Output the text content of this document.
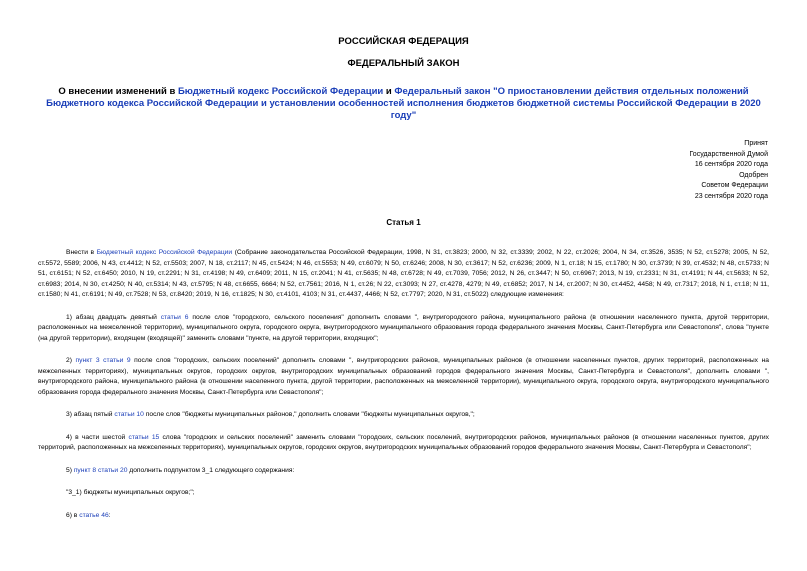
РОССИЙСКАЯ ФЕДЕРАЦИЯ
ФЕДЕРАЛЬНЫЙ ЗАКОН
О внесении изменений в Бюджетный кодекс Российской Федерации и Федеральный закон "О приостановлении действия отдельных положений Бюджетного кодекса Российской Федерации и установлении особенностей исполнения бюджетов бюджетной системы Российской Федерации в 2020 году"
Принят
Государственной Думой
16 сентября 2020 года
Одобрен
Советом Федерации
23 сентября 2020 года
Статья 1

Внести в Бюджетный кодекс Российской Федерации (Собрание законодательства Российской Федерации, 1998, N 31, ст.3823; 2000, N 32, ст.3339; 2002, N 22, ст.2026; 2004, N 34, ст.3526, 3535; N 52, ст.5278; 2005, N 52, ст.5572, 5589; 2006, N 43, ст.4412; N 52, ст.5503; 2007, N 18, ст.2117; N 45, ст.5424; N 46, ст.5553; N 49, ст.6079; N 50, ст.6246; 2008, N 30, ст.3617; N 52, ст.6236; 2009, N 1, ст.18; N 15, ст.1780; N 30, ст.3739; N 39, ст.4532; N 48, ст.5733; N 51, ст.6151; N 52, ст.6450; 2010, N 19, ст.2291; N 31, ст.4198; N 49, ст.6409; 2011, N 15, ст.2041; N 41, ст.5635; N 48, ст.6728; N 49, ст.7039, 7056; 2012, N 26, ст.3447; N 50, ст.6967; 2013, N 19, ст.2331; N 31, ст.4191; N 44, ст.5633; N 52, ст.6983; 2014, N 30, ст.4250; N 40, ст.5314; N 43, ст.5795; N 48, ст.6655, 6664; N 52, ст.7561; 2016, N 1, ст.26; N 22, ст.3093; N 27, ст.4278, 4279; N 49, ст.6852; 2017, N 14, ст.2007; N 30, ст.4452, 4458; N 49, ст.7317; 2018, N 1, ст.18; N 11, ст.1580; N 41, ст.6191; N 49, ст.7528; N 53, ст.8420; 2019, N 16, ст.1825; N 30, ст.4101, 4103; N 31, ст.4437, 4466; N 52, ст.7797; 2020, N 31, ст.5022) следующие изменения:

1) абзац двадцать девятый статьи 6 после слов "городского, сельского поселения" дополнить словами ", внутригородского района, муниципального района (в отношении населенного пункта, другой территории, расположенных на межселенной территории), муниципального округа, городского округа, внутригородского муниципального образования города федерального значения Москвы, Санкт-Петербурга или Севастополя", слова "пункте (на другой территории), входящем (входящей)" заменить словами "пункте, на другой территории, входящих";

2) пункт 3 статьи 9 после слов "городских, сельских поселений" дополнить словами ", внутригородских районов, муниципальных районов (в отношении населенных пунктов, других территорий, расположенных на межселенных территориях), муниципальных округов, городских округов, внутригородских муниципальных образований городов федерального значения Москвы, Санкт-Петербурга и Севастополя", дополнить словами ", внутригородского района, муниципального района (в отношении населенного пункта, другой территории, расположенных на межселенной территории), муниципального округа, городского округа, внутригородского муниципального образования города федерального значения Москвы, Санкт-Петербурга или Севастополя";

3) абзац пятый статьи 10 после слов "бюджеты муниципальных районов," дополнить словами "бюджеты муниципальных округов,";

4) в части шестой статьи 15 слова "городских и сельских поселений" заменить словами "городских, сельских поселений, внутригородских районов, муниципальных районов (в отношении населенных пунктов, других территорий, расположенных на межселенных территориях), муниципальных округов, городских округов, внутригородских муниципальных образований городов федерального значения Москвы, Санкт-Петербурга и Севастополя";

5) пункт 8 статьи 20 дополнить подпунктом 3_1 следующего содержания:

"3_1) бюджеты муниципальных округов;";

6) в статье 46:
